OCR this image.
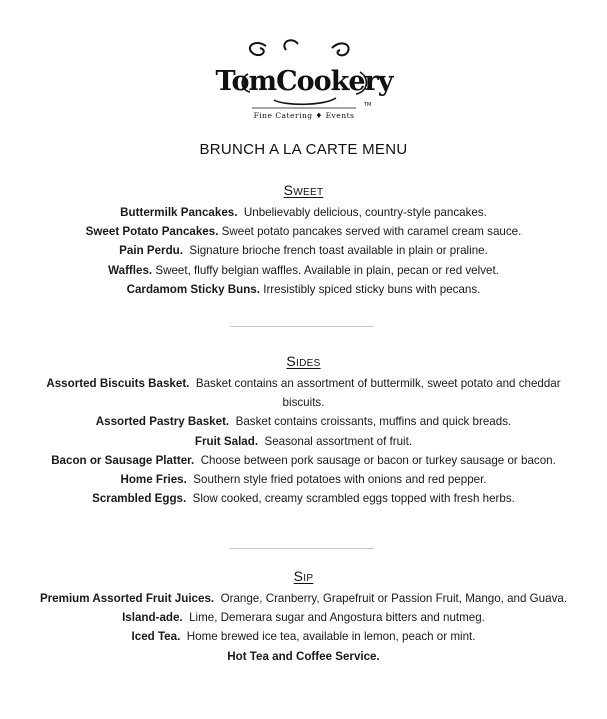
TomCookery
TM
Fine Catering ♦ Events
BRUNCH A LA CARTE MENU
Sweet

Buttermilk Pancakes. Unbelievably delicious, country-style pancakes.

Sweet Potato Pancakes. Sweet potato pancakes served with caramel cream sauce.

Pain Perdu. Signature brioche french toast available in plain or praline.

Waffles. Sweet, fluffy belgian waffles. Available in plain, pecan or red velvet.

Cardamom Sticky Buns. Irresistibly spiced sticky buns with pecans.

Sides

Assorted Biscuits Basket. Basket contains an assortment of buttermilk, sweet potato and cheddar biscuits.

Assorted Pastry Basket. Basket contains croissants, muffins and quick breads.

Fruit Salad. Seasonal assortment of fruit.

Bacon or Sausage Platter. Choose between pork sausage or bacon or turkey sausage or bacon.

Home Fries. Southern style fried potatoes with onions and red pepper.

Scrambled Eggs. Slow cooked, creamy scrambled eggs topped with fresh herbs.

Sip

Premium Assorted Fruit Juices. Orange, Cranberry, Grapefruit or Passion Fruit, Mango, and Guava.

Island-ade. Lime, Demerara sugar and Angostura bitters and nutmeg.

Iced Tea. Home brewed ice tea, available in lemon, peach or mint.

Hot Tea and Coffee Service.
